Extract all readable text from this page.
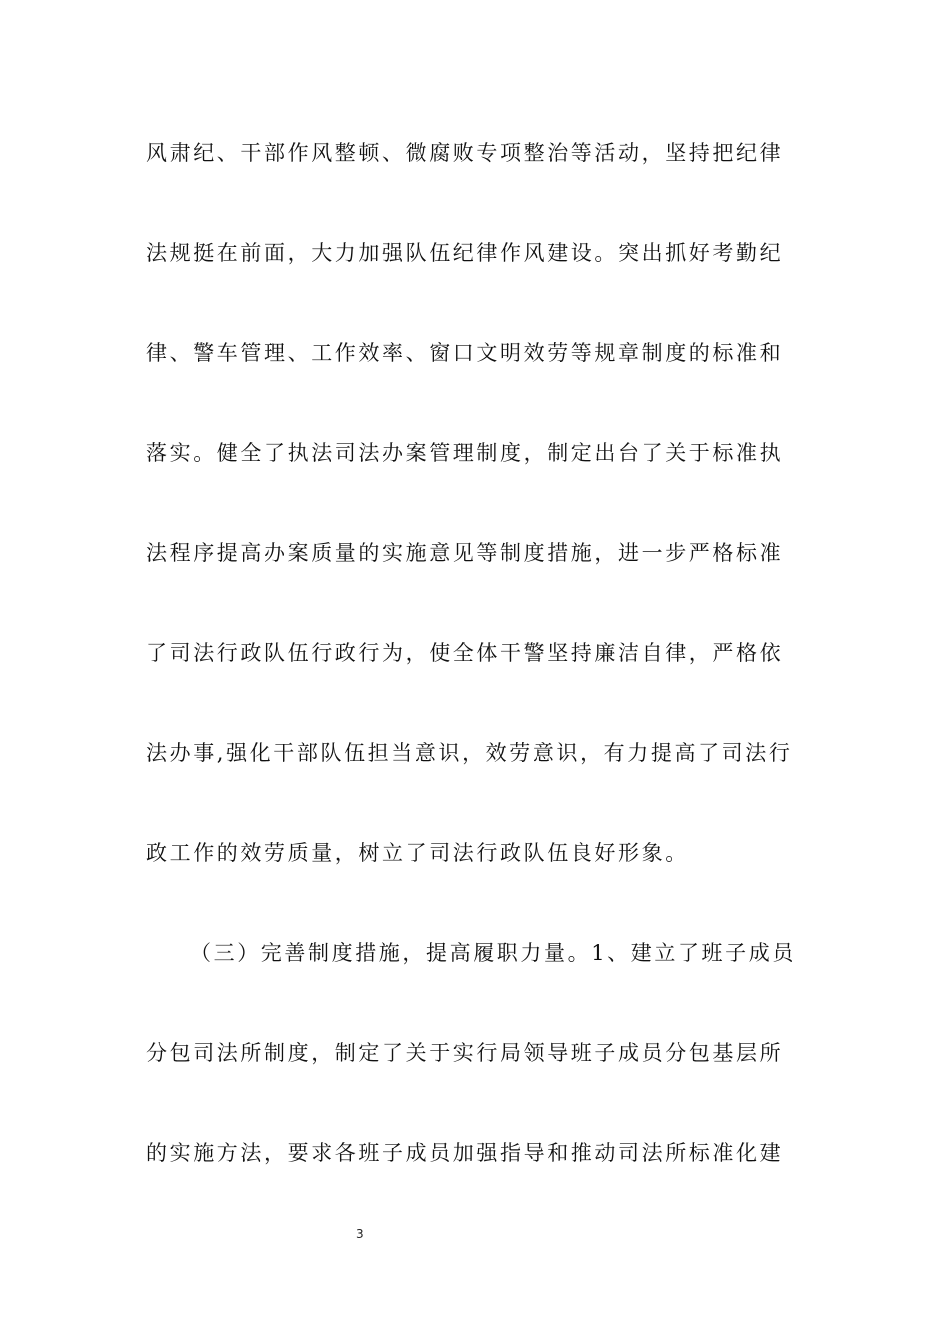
风肃纪、干部作风整顿、微腐败专项整治等活动，坚持把纪律
法规挺在前面，大力加强队伍纪律作风建设。突出抓好考勤纪
律、警车管理、工作效率、窗口文明效劳等规章制度的标准和
落实。健全了执法司法办案管理制度，制定出台了关于标准执
法程序提高办案质量的实施意见等制度措施，进一步严格标准
了司法行政队伍行政行为，使全体干警坚持廉洁自律，严格依
法办事,强化干部队伍担当意识，效劳意识，有力提高了司法行
政工作的效劳质量，树立了司法行政队伍良好形象。
（三）完善制度措施，提高履职力量。1、建立了班子成员
分包司法所制度，制定了关于实行局领导班子成员分包基层所
的实施方法，要求各班子成员加强指导和推动司法所标准化建
3
